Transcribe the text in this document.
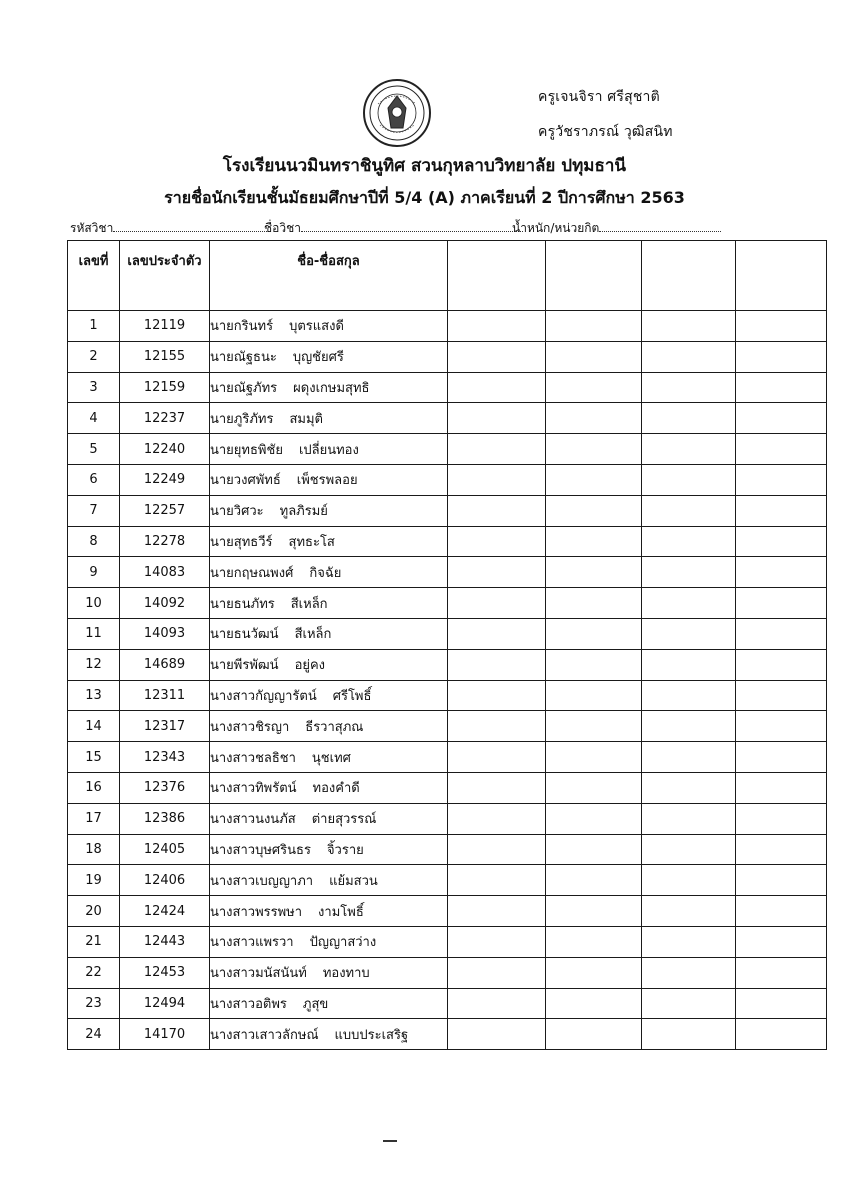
ครูเจนจิรา ศรีสุชาติ
ครูวัชราภรณ์ วุฒิสนิท
โรงเรียนนวมินทราชินูทิศ สวนกุหลาบวิทยาลัย ปทุมธานี
รายชื่อนักเรียนชั้นมัธยมศึกษาปีที่ 5/4 (A) ภาคเรียนที่ 2 ปีการศึกษา 2563
รหัสวิชา	ชื่อวิชา	น้ำหนัก/หน่วยกิต
เลขที่	เลขประจำตัว	ชื่อ-ชื่อสกุล				
1	12119	นายกรินทร์ บุตรแสงดี				
2	12155	นายณัฐธนะ บุญชัยศรี				
3	12159	นายณัฐภัทร ผดุงเกษมสุทธิ				
4	12237	นายภูริภัทร สมมุติ				
5	12240	นายยุทธพิชัย เปลี่ยนทอง				
6	12249	นายวงศพัทธ์ เพ็ชรพลอย				
7	12257	นายวิศวะ ทูลภิรมย์				
8	12278	นายสุทธวีร์ สุทธะโส				
9	14083	นายกฤษณพงศ์ กิจฉัย				
10	14092	นายธนภัทร สีเหล็ก				
11	14093	นายธนวัฒน์ สีเหล็ก				
12	14689	นายพีรพัฒน์ อยู่คง				
13	12311	นางสาวกัญญารัตน์ ศรีโพธิ์				
14	12317	นางสาวชิรญา ธีรวาสุภณ				
15	12343	นางสาวชลธิชา นุชเทศ				
16	12376	นางสาวทิพรัตน์ ทองคำดี				
17	12386	นางสาวนงนภัส ต่ายสุวรรณ์				
18	12405	นางสาวบุษศรินธร จิ้วราย				
19	12406	นางสาวเบญญาภา แย้มสวน				
20	12424	นางสาวพรรพษา งามโพธิ์				
21	12443	นางสาวแพรวา ปัญญาสว่าง				
22	12453	นางสาวมนัสนันท์ ทองทาบ				
23	12494	นางสาวอติพร ภูสุข				
24	14170	นางสาวเสาวลักษณ์ แบบประเสริฐ				
